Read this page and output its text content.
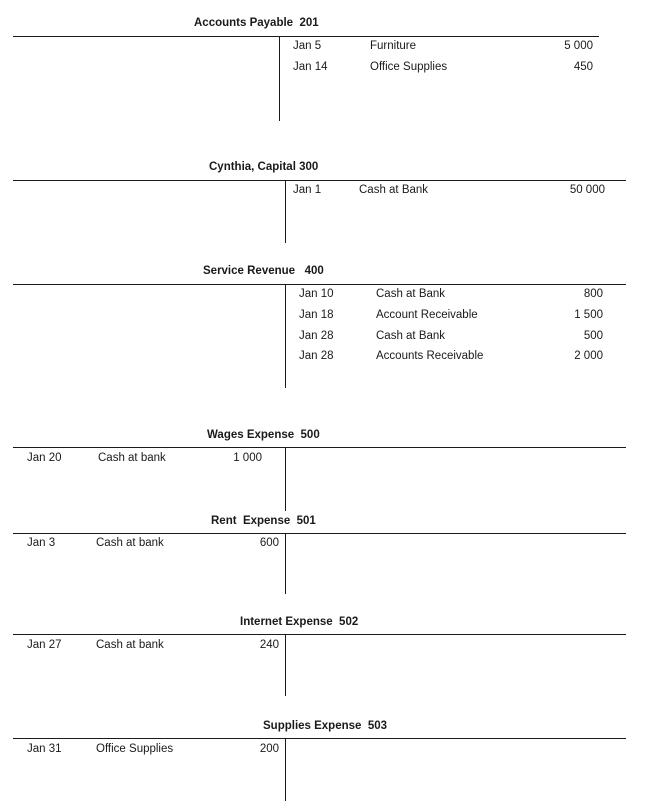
Accounts Payable  201
Jan 5	Furniture	5 000
Jan 14	Office Supplies	450
Cynthia, Capital 300
Jan 1	Cash at Bank	50 000
Service Revenue   400
Jan 10	Cash at Bank	800
Jan 18	Account Receivable	1 500
Jan 28	Cash at Bank	500
Jan 28	Accounts Receivable	2 000
Wages Expense  500
Jan 20	Cash at bank	1 000
Rent  Expense  501
Jan 3	Cash at bank	600
Internet Expense  502
Jan 27	Cash at bank	240
Supplies Expense  503
Jan 31	Office Supplies	200
